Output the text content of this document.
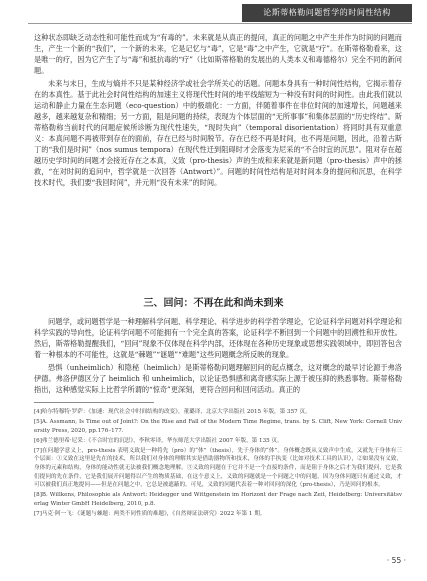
论斯蒂格勒问题哲学的时间性结构

这种状态即缺乏动态性和可能性而成为“有毒的”。未来就是从真正的提问，真正的问题之中产生并作为时间的问题而生，产生一个新的“我们”，一个新的未来，它是记忆与“毒”，它是“毒”之中产生，它就是“疗”。在斯蒂格勒看来，这是唯一的疗，因为它产生了与“毒”和抵抗毒的“疗”（比如斯蒂格勒的发展出的人类本义和毒德格尔）完全不同的新问题。

未来与末日，生成与熵并不只是某种经济学或社会学所关心的话题。问题本身具有一种时间性结构，它揭示着存在的本真性。基于此社会时间性结构的加速主义将现代性时间的地平线缩短为一种没有时间的时间性。由此我们就以运动和静止力量在生态问题（eco-question）中的极端化：一方面，伴随着事件在非位时间的加速增长，问题越来越多，越来越复杂和精细；另一方面，阻是问题的持续，表现为个体层面的“无所事事”和集体层面的“历史终结”。斯蒂格勒称当前时代的问题症候所诊断为现代性速失，“现时失向”（temporal disorientation）将同时具有双重意义：本真问题不再被带到存在的面前，存在已经与时间脱节。存在已经不再是时间，也不再是问题，因此，沿着古斯丁的“我们是时间”（nos sumus tempora）在现代性迁到阻碍时才会落变为尼采的“不合时宜的沉思”。阻对存在超越历史学时间的问题才会接近存在之本真，义致（pro-thesis）声的生成和来来就是新问题（pro-thesis）声中的拯救，“在对时间的追问中，哲学就是一次回答（Antwort）”。问题的时间性结构是对时间本身的提问和沉思，在科学技术时代，我们要“我回时间”，并元则“没有未来”的时间。

三、回问：不再在此和尚未到来

问题学，或问题哲学是一种理解科学问题、科学理论、科学进步的科学哲学理论，它论证科学问题对科学理论和科学实践的导向性，论证科学问题不可能拥有一个完全真的答案，论证科学不断回到一个问题中的回溯性和开放性。然后，斯蒂格勒提醒我们，“回问”现象不仅体现在科学内部，还体现在各种历史现象或思想实践领域中，即回答包含着一种根本的不可能性，这就是“棘题”“谜题”“难题”这些问题概念所反映的现象。

恐惧（unheimlich）和隐秘（heimlich）是斯蒂格勒问题理解回问的起点概念，这对概念的最早讨论源于弗洛伊德。弗洛伊德区分了 heimlich 和 unheimlich，以论证恐惧感和离奇感实际上源于被压抑的熟悉事物。斯蒂格勒指出，这种感觉实际上比哲学所谓的“惊奇”更深刻，更符合回问和回问活动。真正的

[4]哈尔特穆特·罗萨：《加速：现代社会中时间结构的改变》，董璐译，北京大学出版社 2015 年版，第 357 页。

[5]A. Assmann, Is Time out of Joint?: On the Rise and Fall of the Modern Time Regime, trans. by S. Clift, New York: Cornell University Press, 2020, pp.176–177.

[6]弗兰德里希·尼采：《不合时宜的沉思》，李秋零译，华东师范大学出版社 2007 年版，第 135 页。

[7]在问题学意义上，pro-thesis 表明义致是一种将先（pro）的“体”（thesis），先于身体的“体”。身体概念既从义致声中生成，又就先于身体有三个层面：①义致在这里是先在的技术，所以我们对身体的理解其实是借助器物所和技术，身体的手执变（比如对技术工具的认识），②如果没有义致，身体的元素和结构，身体的能动性就无法被我们概念地理解。③义致的问题在于它并不是一个直接的条件，而是阻于身体之后才为我们提问，它是我们提问的先在条件，它是我们展开问题得以产生的物质基础，在这个意义上，义致的问题就是一个问题之中的问题，因为身体问题只有通过义致，才可以被我们真正地提问——但是在问题之中，它总是被遮蔽的。可见，义致的问题代表着一种对回问的深化（pro-thesis），乃是回问的根本。

[8]B. Willkens, Philosophie als Antwort: Heidegger und Wittgenstein im Horizont der Frage nach Zeit, Heidelberg: Universitätsverlag Winter GmbH Heidelberg, 2010, p.8.

[7]马克·阿一飞：《谜题与棘题：两类不同性质的难题》，《自然辩证法研究》2022 年第 1 期。

· 55 ·
